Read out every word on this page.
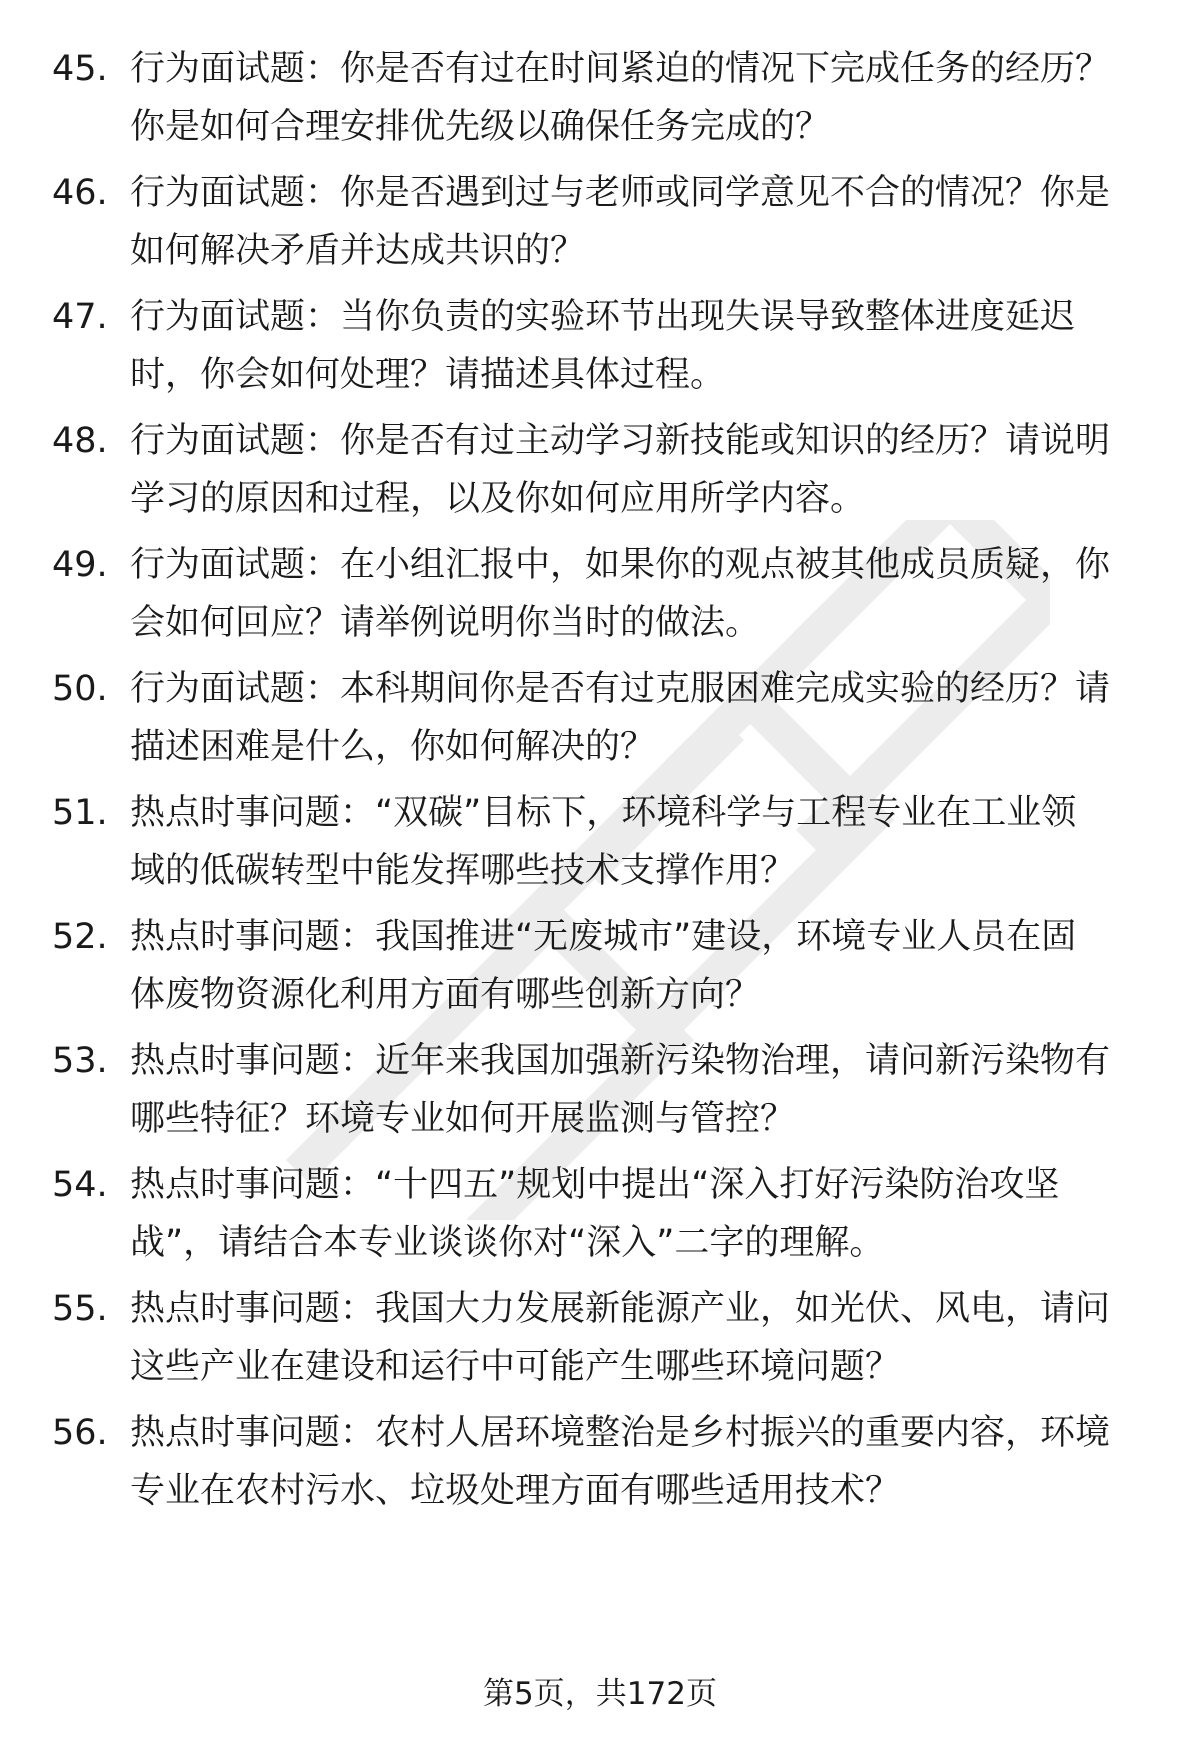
45. 行为面试题：你是否有过在时间紧迫的情况下完成任务的经历？
你是如何合理安排优先级以确保任务完成的？
46. 行为面试题：你是否遇到过与老师或同学意见不合的情况？你是
如何解决矛盾并达成共识的？
47. 行为面试题：当你负责的实验环节出现失误导致整体进度延迟
时，你会如何处理？请描述具体过程。
48. 行为面试题：你是否有过主动学习新技能或知识的经历？请说明
学习的原因和过程，以及你如何应用所学内容。
49. 行为面试题：在小组汇报中，如果你的观点被其他成员质疑，你
会如何回应？请举例说明你当时的做法。
50. 行为面试题：本科期间你是否有过克服困难完成实验的经历？请
描述困难是什么，你如何解决的？
51. 热点时事问题：“双碳”目标下，环境科学与工程专业在工业领
域的低碳转型中能发挥哪些技术支撑作用？
52. 热点时事问题：我国推进“无废城市”建设，环境专业人员在固
体废物资源化利用方面有哪些创新方向？
53. 热点时事问题：近年来我国加强新污染物治理，请问新污染物有
哪些特征？环境专业如何开展监测与管控？
54. 热点时事问题：“十四五”规划中提出“深入打好污染防治攻坚
战”，请结合本专业谈谈你对“深入”二字的理解。
55. 热点时事问题：我国大力发展新能源产业，如光伏、风电，请问
这些产业在建设和运行中可能产生哪些环境问题？
56. 热点时事问题：农村人居环境整治是乡村振兴的重要内容，环境
专业在农村污水、垃圾处理方面有哪些适用技术？
第5页，共172页
